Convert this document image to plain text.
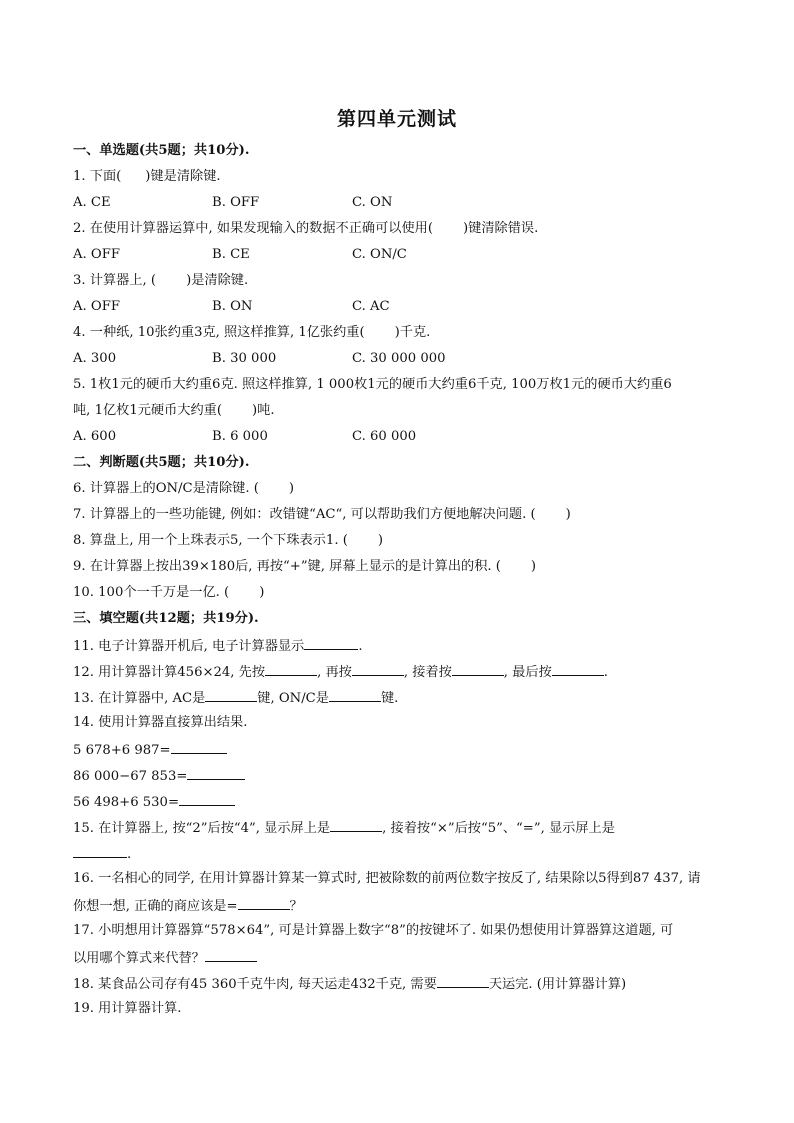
第四单元测试
一、单选题(共5题；共10分).
1. 下面( )键是清除键.
A. CE	B. OFF	C. ON
2. 在使用计算器运算中, 如果发现输入的数据不正确可以使用( )键清除错误.
A. OFF	B. CE	C. ON/C
3. 计算器上, ( )是清除键.
A. OFF	B. ON	C. AC
4. 一种纸, 10张约重3克, 照这样推算, 1亿张约重( )千克.
A. 300	B. 30 000	C. 30 000 000
5. 1枚1元的硬币大约重6克. 照这样推算, 1 000枚1元的硬币大约重6千克, 100万枚1元的硬币大约重6
吨, 1亿枚1元硬币大约重( )吨.
A. 600	B. 6 000	C. 60 000
二、判断题(共5题；共10分).
6. 计算器上的ON/C是清除键. ( )
7. 计算器上的一些功能键, 例如：改错键“AC“, 可以帮助我们方便地解决问题. ( )
8. 算盘上, 用一个上珠表示5, 一个下珠表示1. ( )
9. 在计算器上按出39×180后, 再按“+”键, 屏幕上显示的是计算出的积. ( )
10. 100个一千万是一亿. ( )
三、填空题(共12题；共19分).
11. 电子计算器开机后, 电子计算器显示	.
12. 用计算器计算456×24, 先按	, 再按	, 接着按	, 最后按	.
13. 在计算器中, AC是	键, ON/C是	键.
14. 使用计算器直接算出结果.
5 678+6 987=
86 000−67 853=
56 498+6 530=
15. 在计算器上, 按“2”后按“4”, 显示屏上是	, 接着按“×”后按“5”、“=”, 显示屏上是
.
16. 一名相心的同学, 在用计算器计算某一算式时, 把被除数的前两位数字按反了, 结果除以5得到87 437, 请
你想一想, 正确的商应该是=	？
17. 小明想用计算器算“578×64”, 可是计算器上数字“8”的按键坏了. 如果仍想使用计算器算这道题, 可
以用哪个算式来代替？
18. 某食品公司存有45 360千克牛肉, 每天运走432千克, 需要	天运完. (用计算器计算)
19. 用计算器计算.
